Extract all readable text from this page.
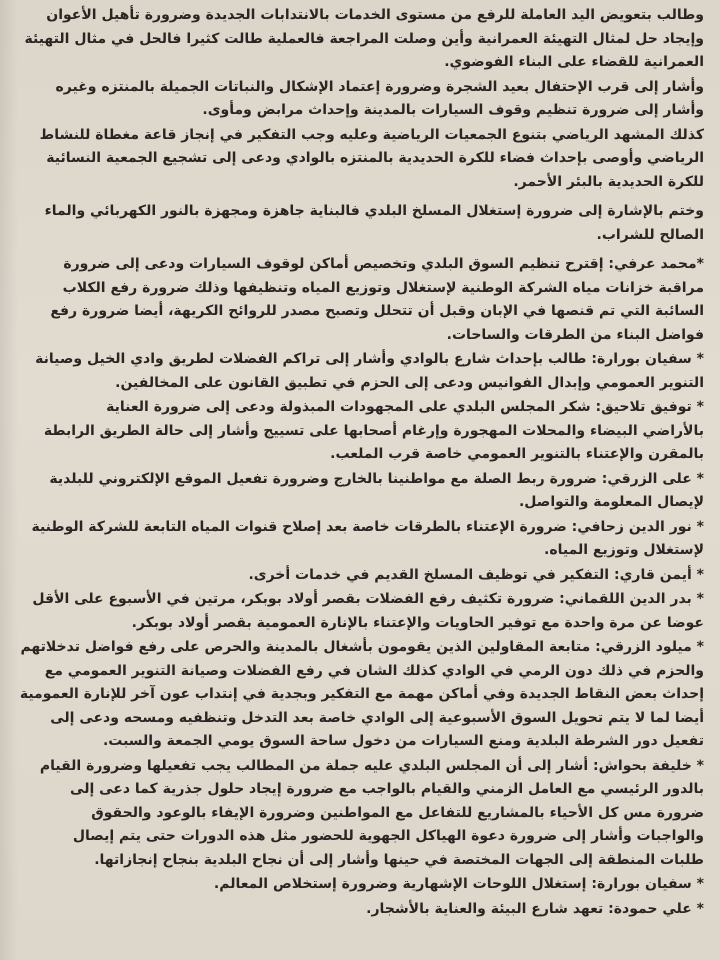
وطالب بتعويض اليد العاملة للرفع من مستوى الخدمات بالانتدابات الجديدة وضرورة تأهيل الأعوان
وإيجاد حل لمثال التهيئة العمرانية وأين وصلت المراجعة فالعملية طالت كثيرا فالحل في مثال التهيئة
العمرانية للقضاء على البناء الفوضوي.

وأشار إلى قرب الإحتفال بعيد الشجرة وضرورة إعتماد الإشكال والنباتات الجميلة بالمنتزه وغيره
وأشار إلى ضرورة تنظيم وقوف السيارات بالمدينة وإحداث مرابض ومأوى.

كذلك المشهد الرياضي بتنوع الجمعيات الرياضية وعليه وجب التفكير في إنجاز قاعة مغطاة للنشاط
الرياضي وأوصى بإحداث فضاء للكرة الحديدية بالمنتزه بالوادي ودعى إلى تشجيع الجمعية النسائية
للكرة الحديدية بالبئر الأحمر.

وختم بالإشارة إلى ضرورة إستغلال المسلخ البلدي فالبناية جاهزة ومجهزة بالنور الكهربائي والماء
الصالح للشراب.

*محمد عرفي: إقترح تنظيم السوق البلدي وتخصيص أماكن لوقوف السيارات ودعى إلى ضرورة
مراقبة خزانات مياه الشركة الوطنية لإستغلال وتوزيع المياه وتنظيفها وذلك ضرورة رفع الكلاب
السائبة التي تم قنصها في الإبان وقبل أن تتحلل وتصبح مصدر للروائح الكريهة، أيضا ضرورة رفع
فواضل البناء من الطرقات والساحات.

* سفيان بورارة: طالب بإحداث شارع بالوادي وأشار إلى تراكم الفضلات لطريق وادي الخيل وصيانة
التنوير العمومي وإبدال الفوانيس ودعى إلى الحزم في تطبيق القانون على المخالفين.

* توفيق تلاحيق: شكر المجلس البلدي على المجهودات المبذولة ودعى إلى ضرورة العناية
بالأراضي البيضاء والمحلات المهجورة وإرغام أصحابها على تسييج وأشار إلى حالة الطريق الرابطة
بالمقرن والإعتناء بالتنوير العمومي خاصة قرب الملعب.

* على الزرقي: ضرورة ربط الصلة مع مواطنينا بالخارج وضرورة تفعيل الموقع الإلكتروني للبلدية
لإيصال المعلومة والتواصل.

* نور الدين زحافي: ضرورة الإعتناء بالطرقات خاصة بعد إصلاح قنوات المياه التابعة للشركة الوطنية
لإستغلال وتوزيع المياه.

* أيمن قاري: التفكير في توظيف المسلخ القديم في خدمات أخرى.

* بدر الدين اللقماني: ضرورة تكثيف رفع الفضلات بقصر أولاد بوبكر، مرتين في الأسبوع على الأقل
عوضا عن مرة واحدة مع توفير الحاويات والإعتناء بالإنارة العمومية بقصر أولاد بوبكر.

* ميلود الزرقي: متابعة المقاولين الذين يقومون بأشغال بالمدينة والحرص على رفع فواضل تدخلاتهم
والحزم في ذلك دون الرمي في الوادي كذلك الشان في رفع الفضلات وصيانة التنوير العمومي مع
إحداث بعض النقاط الجديدة وفي أماكن مهمة مع التفكير وبجدية في إنتداب عون آخر للإنارة العمومية
أيضا لما لا يتم تحويل السوق الأسبوعية إلى الوادي خاصة بعد التدخل وتنظفيه ومسحه ودعى إلى
تفعيل دور الشرطة البلدية ومنع السيارات من دخول ساحة السوق يومي الجمعة والسبت.

* خليفة بحواش: أشار إلى أن المجلس البلدي عليه جملة من المطالب يجب تفعيلها وضرورة القيام
بالدور الرئيسي مع العامل الزمني والقيام بالواجب مع ضرورة إيجاد حلول جذرية كما دعى إلى
ضرورة مس كل الأحياء بالمشاريع للتفاعل مع المواطنين وضرورة الإيفاء بالوعود والحقوق
والواجبات وأشار إلى ضرورة دعوة الهياكل الجهوية للحضور مثل هذه الدورات حتى يتم إيصال
طلبات المنطقة إلى الجهات المختصة في حينها وأشار إلى أن نجاح البلدية بنجاح إنجازاتها.

* سفيان بورارة: إستغلال اللوحات الإشهارية وضرورة إستخلاص المعالم.

* علي حمودة: تعهد شارع البيئة والعناية بالأشجار.
